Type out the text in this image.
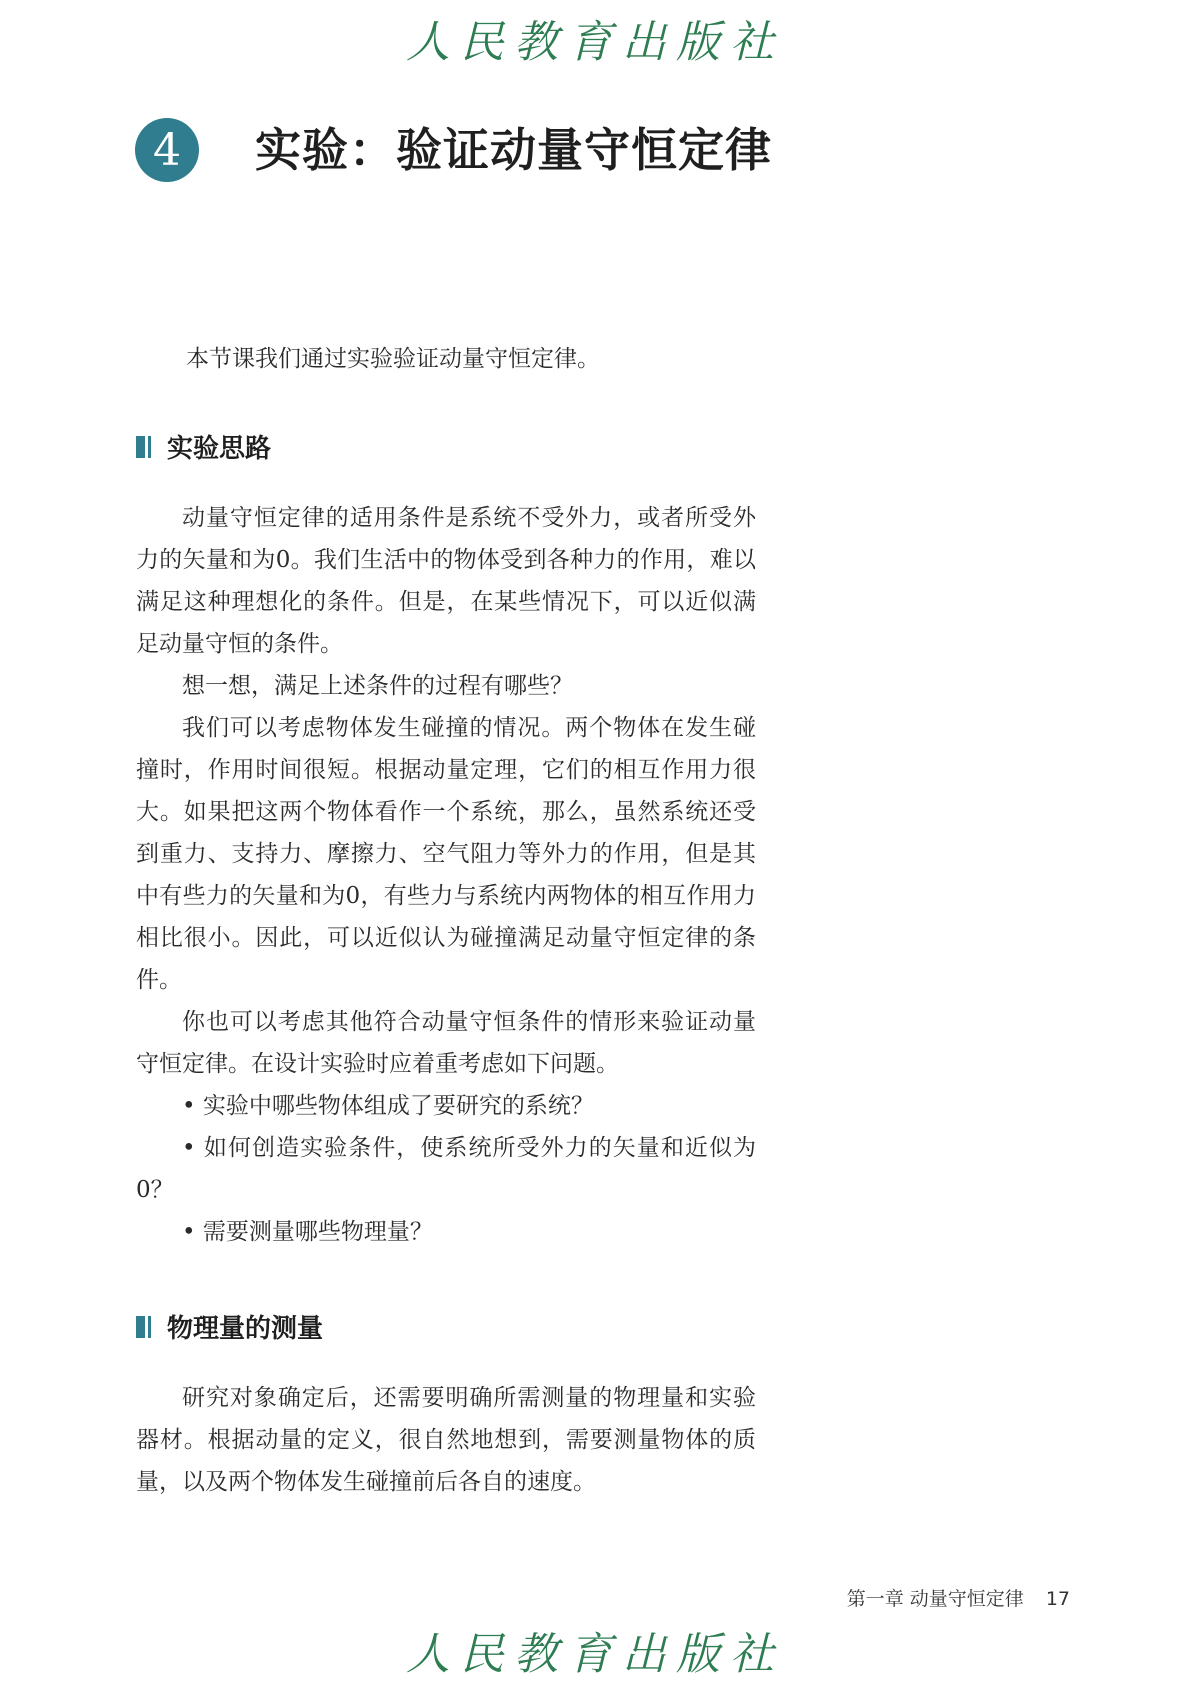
人民教育出版社
4	实验：验证动量守恒定律
本节课我们通过实验验证动量守恒定律。
实验思路

动量守恒定律的适用条件是系统不受外力，或者所受外力的矢量和为0。我们生活中的物体受到各种力的作用，难以满足这种理想化的条件。但是，在某些情况下，可以近似满足动量守恒的条件。

想一想，满足上述条件的过程有哪些？

我们可以考虑物体发生碰撞的情况。两个物体在发生碰撞时，作用时间很短。根据动量定理，它们的相互作用力很大。如果把这两个物体看作一个系统，那么，虽然系统还受到重力、支持力、摩擦力、空气阻力等外力的作用，但是其中有些力的矢量和为0，有些力与系统内两物体的相互作用力相比很小。因此，可以近似认为碰撞满足动量守恒定律的条件。

你也可以考虑其他符合动量守恒条件的情形来验证动量守恒定律。在设计实验时应着重考虑如下问题。

• 实验中哪些物体组成了要研究的系统？

• 如何创造实验条件，使系统所受外力的矢量和近似为0？

• 需要测量哪些物理量？

物理量的测量

研究对象确定后，还需要明确所需测量的物理量和实验器材。根据动量的定义，很自然地想到，需要测量物体的质量，以及两个物体发生碰撞前后各自的速度。

第一章 动量守恒定律 17
人民教育出版社
